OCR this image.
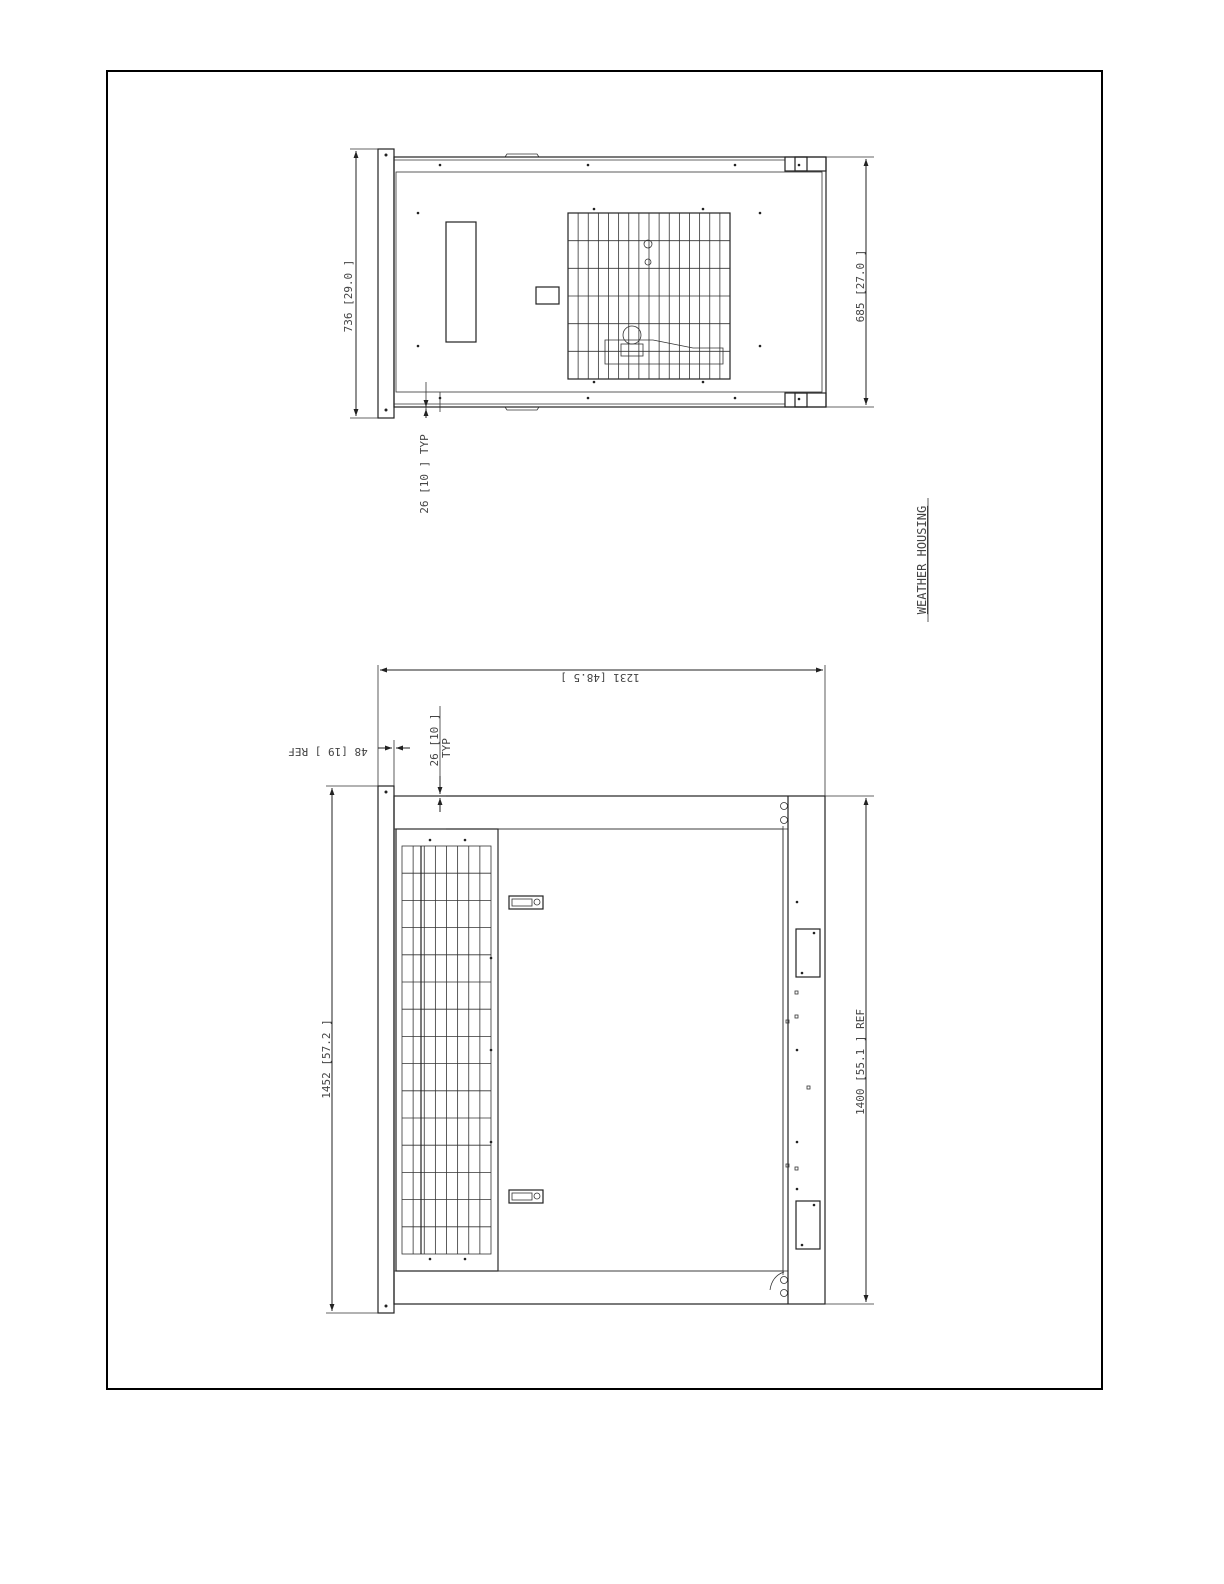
736 [29.0 ]	685 [27.0 ]
26 [10 ] TYP
WEATHER HOUSING
1231 [48.5 ]
48 [19 ] REF	26 [10 ] TYP
1452 [57.2 ]	1400 [55.1 ] REF
